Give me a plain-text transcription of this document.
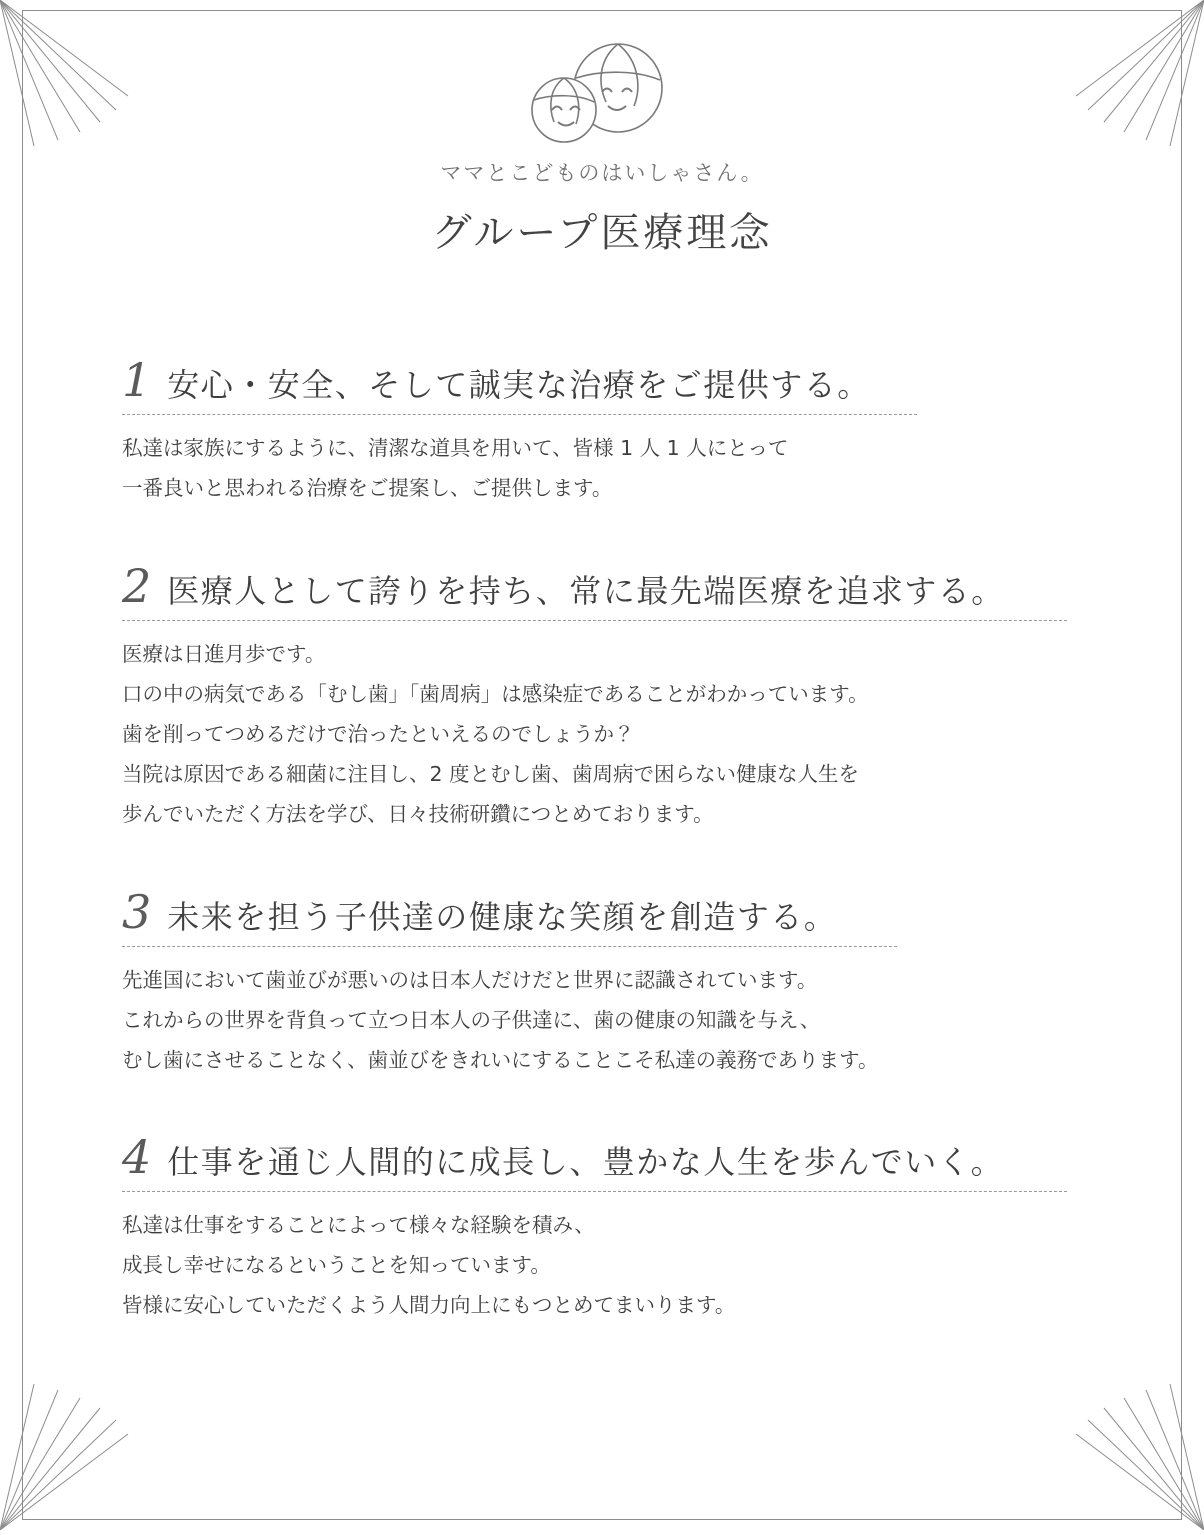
ママとこどものはいしゃさん。
グループ医療理念
1 安心・安全、そして誠実な治療をご提供する。
私達は家族にするように、清潔な道具を用いて、皆様 1 人 1 人にとって
一番良いと思われる治療をご提案し、ご提供します。
2 医療人として誇りを持ち、常に最先端医療を追求する。
医療は日進月歩です。
口の中の病気である「むし歯」「歯周病」は感染症であることがわかっています。
歯を削ってつめるだけで治ったといえるのでしょうか？
当院は原因である細菌に注目し、2 度とむし歯、歯周病で困らない健康な人生を
歩んでいただく方法を学び、日々技術研鑽につとめております。
3 未来を担う子供達の健康な笑顔を創造する。
先進国において歯並びが悪いのは日本人だけだと世界に認識されています。
これからの世界を背負って立つ日本人の子供達に、歯の健康の知識を与え、
むし歯にさせることなく、歯並びをきれいにすることこそ私達の義務であります。
4 仕事を通じ人間的に成長し、豊かな人生を歩んでいく。
私達は仕事をすることによって様々な経験を積み、
成長し幸せになるということを知っています。
皆様に安心していただくよう人間力向上にもつとめてまいります。
